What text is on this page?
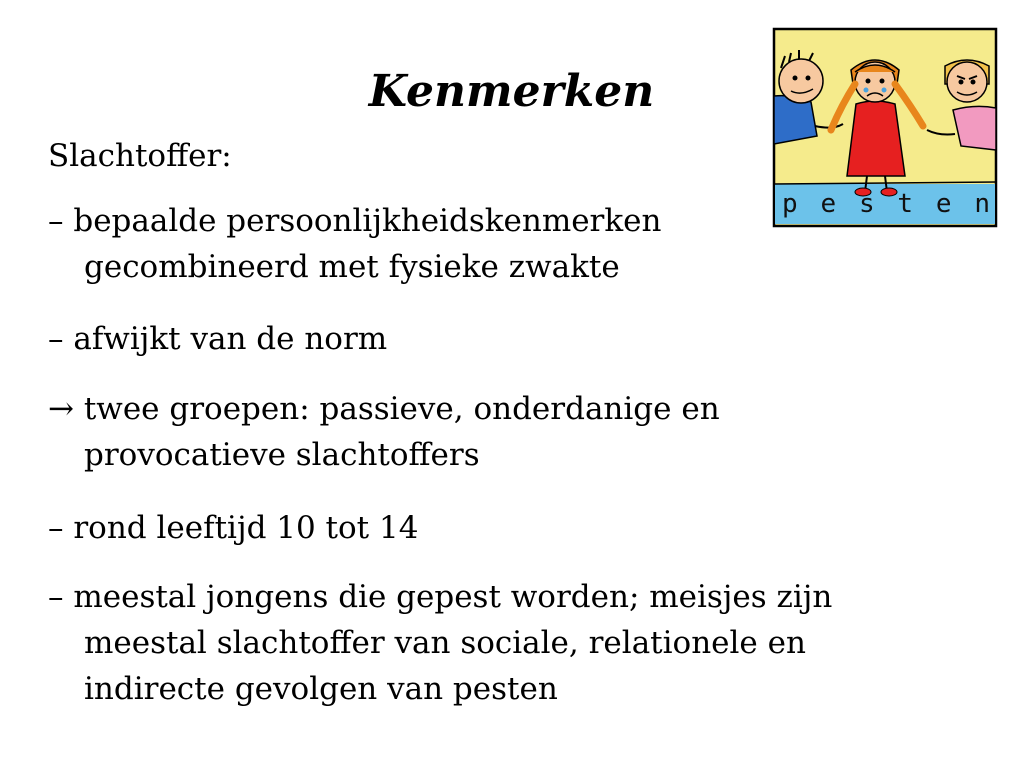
Kenmerken

Slachtoffer:

– bepaalde persoonlijkheidskenmerken
gecombineerd met fysieke zwakte
– afwijkt van de norm
→ twee groepen: passieve, onderdanige en
provocatieve slachtoffers
– rond leeftijd 10 tot 14
– meestal jongens die gepest worden; meisjes zijn
meestal slachtoffer van sociale, relationele en
indirecte gevolgen van pesten
p e s t e n
